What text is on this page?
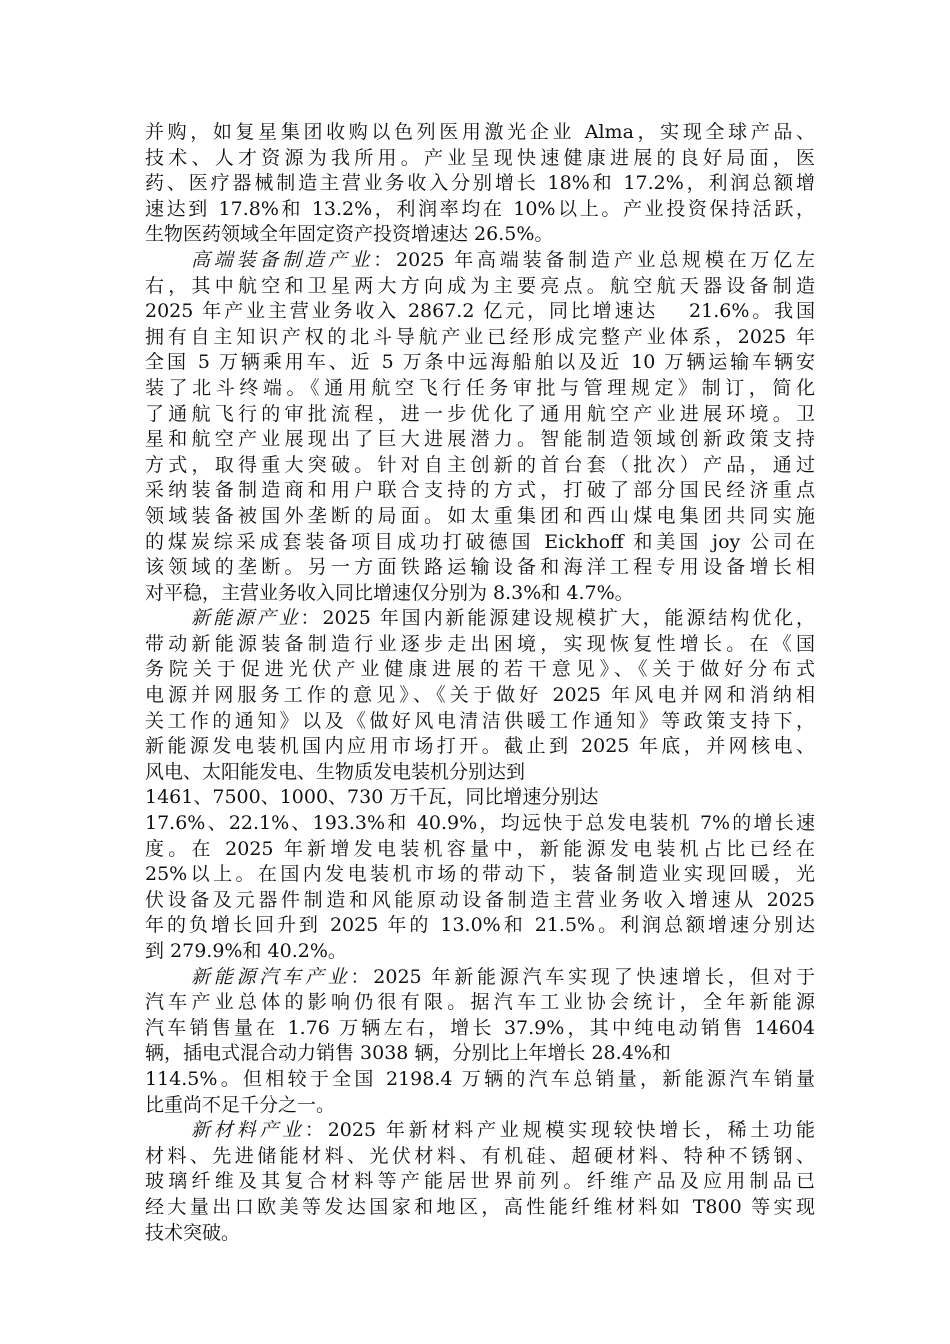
并购，如复星集团收购以色列医用激光企业 Alma，实现全球产品、
技术、人才资源为我所用。产业呈现快速健康进展的良好局面，医
药、医疗器械制造主营业务收入分别增长 18%和 17.2%，利润总额增
速达到 17.8%和 13.2%，利润率均在 10%以上。产业投资保持活跃，
生物医药领域全年固定资产投资增速达 26.5%。
高端装备制造产业：2025 年高端装备制造产业总规模在万亿左
右，其中航空和卫星两大方向成为主要亮点。航空航天器设备制造
2025 年产业主营业务收入 2867.2 亿元，同比增速达　 21.6%。我国
拥有自主知识产权的北斗导航产业已经形成完整产业体系，2025 年
全国 5 万辆乘用车、近 5 万条中远海船舶以及近 10 万辆运输车辆安
装了北斗终端。《通用航空飞行任务审批与管理规定》制订，简化
了通航飞行的审批流程，进一步优化了通用航空产业进展环境。卫
星和航空产业展现出了巨大进展潜力。智能制造领域创新政策支持
方式，取得重大突破。针对自主创新的首台套（批次）产品，通过
采纳装备制造商和用户联合支持的方式，打破了部分国民经济重点
领域装备被国外垄断的局面。如太重集团和西山煤电集团共同实施
的煤炭综采成套装备项目成功打破德国 Eickhoff 和美国 joy 公司在
该领域的垄断。另一方面铁路运输设备和海洋工程专用设备增长相
对平稳，主营业务收入同比增速仅分别为 8.3%和 4.7%。
新能源产业：2025 年国内新能源建设规模扩大，能源结构优化，
带动新能源装备制造行业逐步走出困境，实现恢复性增长。在《国
务院关于促进光伏产业健康进展的若干意见》、《关于做好分布式
电源并网服务工作的意见》、《关于做好 2025 年风电并网和消纳相
关工作的通知》以及《做好风电清洁供暖工作通知》等政策支持下，
新能源发电装机国内应用市场打开。截止到 2025 年底，并网核电、
风电、太阳能发电、生物质发电装机分别达到
1461、7500、1000、730 万千瓦，同比增速分别达
17.6%、22.1%、193.3%和 40.9%，均远快于总发电装机 7%的增长速
度。在 2025 年新增发电装机容量中，新能源发电装机占比已经在
25%以上。在国内发电装机市场的带动下，装备制造业实现回暖，光
伏设备及元器件制造和风能原动设备制造主营业务收入增速从 2025
年的负增长回升到 2025 年的 13.0%和 21.5%。利润总额增速分别达
到 279.9%和 40.2%。
新能源汽车产业：2025 年新能源汽车实现了快速增长，但对于
汽车产业总体的影响仍很有限。据汽车工业协会统计，全年新能源
汽车销售量在 1.76 万辆左右，增长 37.9%，其中纯电动销售 14604
辆，插电式混合动力销售 3038 辆，分别比上年增长 28.4%和
114.5%。但相较于全国 2198.4 万辆的汽车总销量，新能源汽车销量
比重尚不足千分之一。
新材料产业：2025 年新材料产业规模实现较快增长，稀土功能
材料、先进储能材料、光伏材料、有机硅、超硬材料、特种不锈钢、
玻璃纤维及其复合材料等产能居世界前列。纤维产品及应用制品已
经大量出口欧美等发达国家和地区，高性能纤维材料如 T800 等实现
技术突破。
